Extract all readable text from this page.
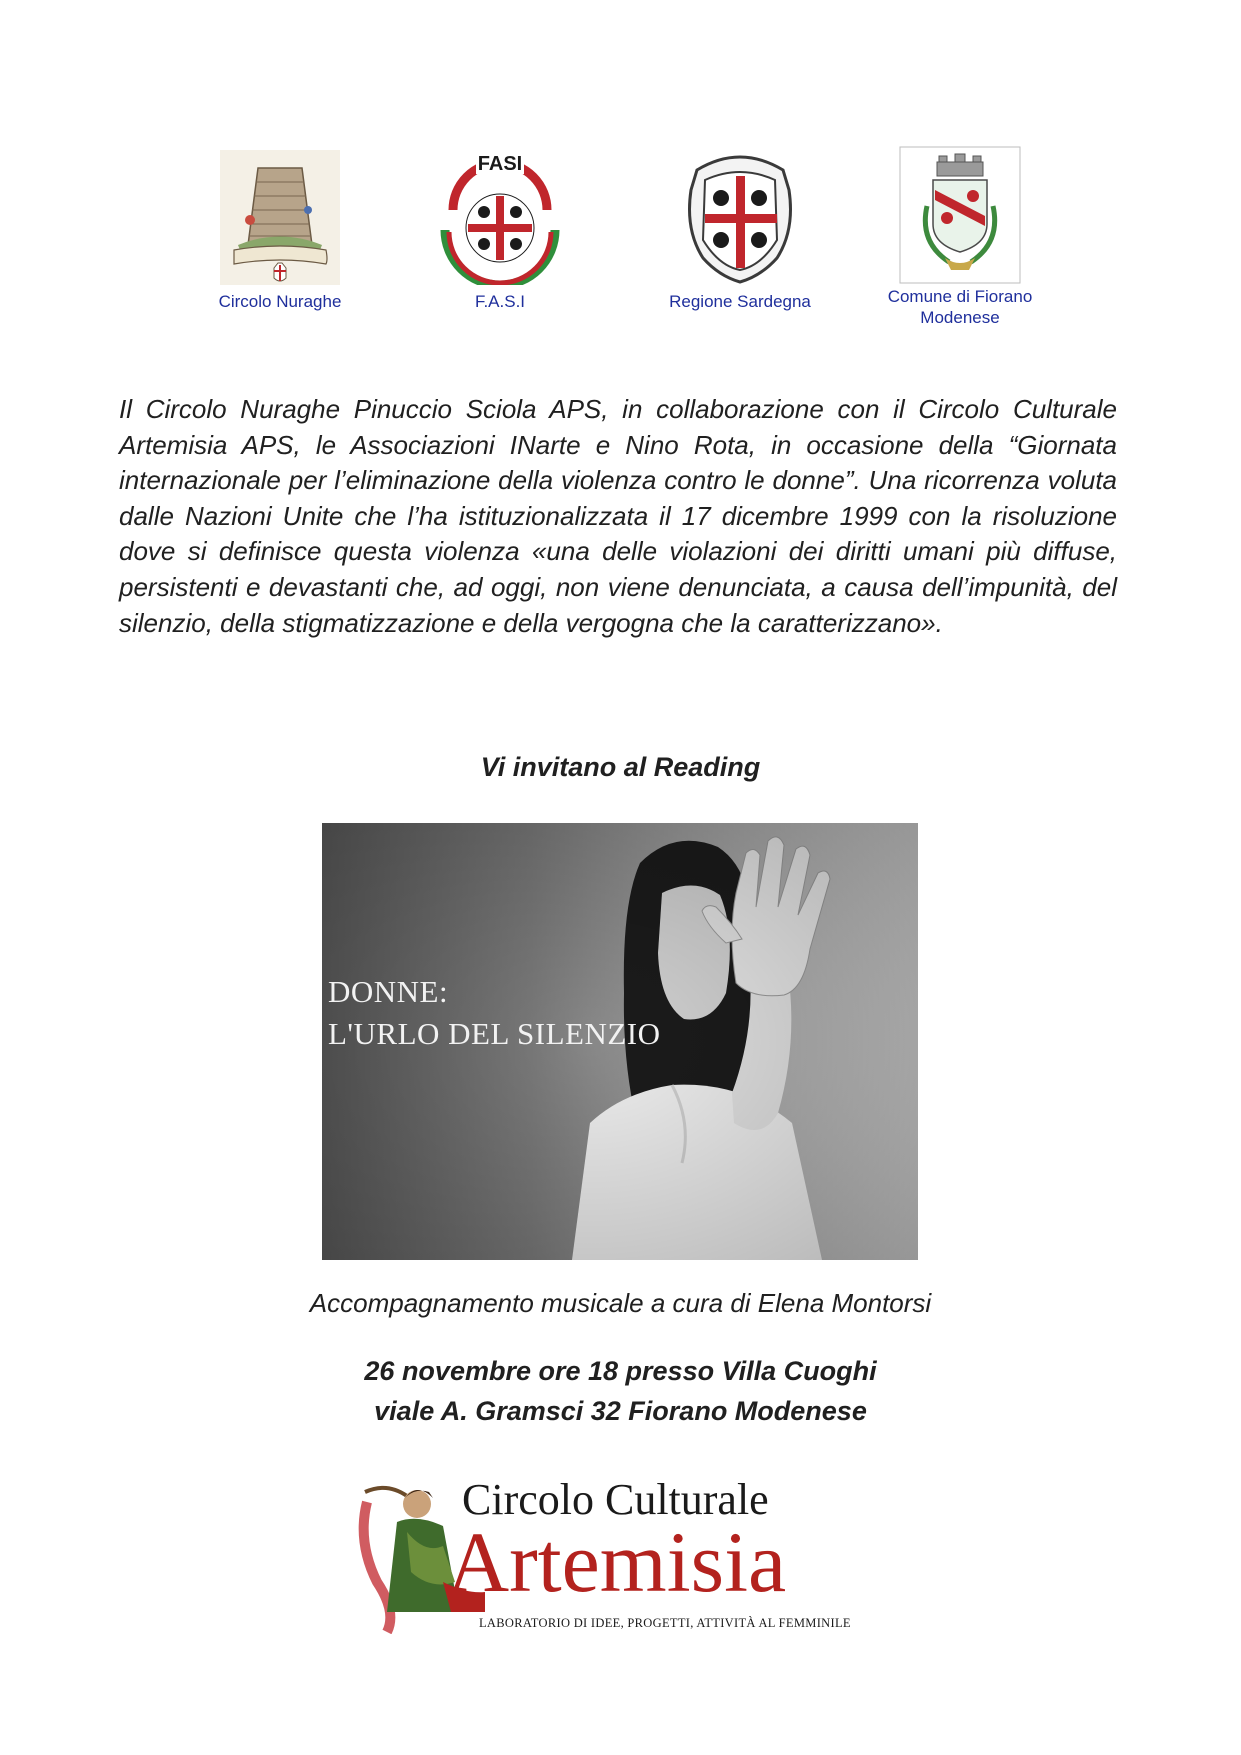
Circolo Nuraghe
FASI
F.A.S.I	Regione Sardegna	Comune di Fiorano
Modenese
Il Circolo Nuraghe Pinuccio Sciola APS, in collaborazione con il Circolo Culturale Artemisia APS, le Associazioni INarte e Nino Rota, in occasione della “Giornata internazionale per l’eliminazione della violenza contro le donne”. Una ricorrenza voluta dalle Nazioni Unite che l’ha istituzionalizzata il 17 dicembre 1999 con la risoluzione dove si definisce questa violenza «una delle violazioni dei diritti umani più diffuse, persistenti e devastanti che, ad oggi, non viene denunciata, a causa dell’impunità, del silenzio, della stigmatizzazione e della vergogna che la caratterizzano».
Vi invitano al Reading
DONNE:
L'URLO DEL SILENZIO
Accompagnamento musicale a cura di Elena Montorsi
26 novembre ore 18 presso Villa Cuoghi
viale A. Gramsci 32 Fiorano Modenese
Circolo Culturale
Artemisia
LABORATORIO DI IDEE, PROGETTI, ATTIVITÀ AL FEMMINILE
